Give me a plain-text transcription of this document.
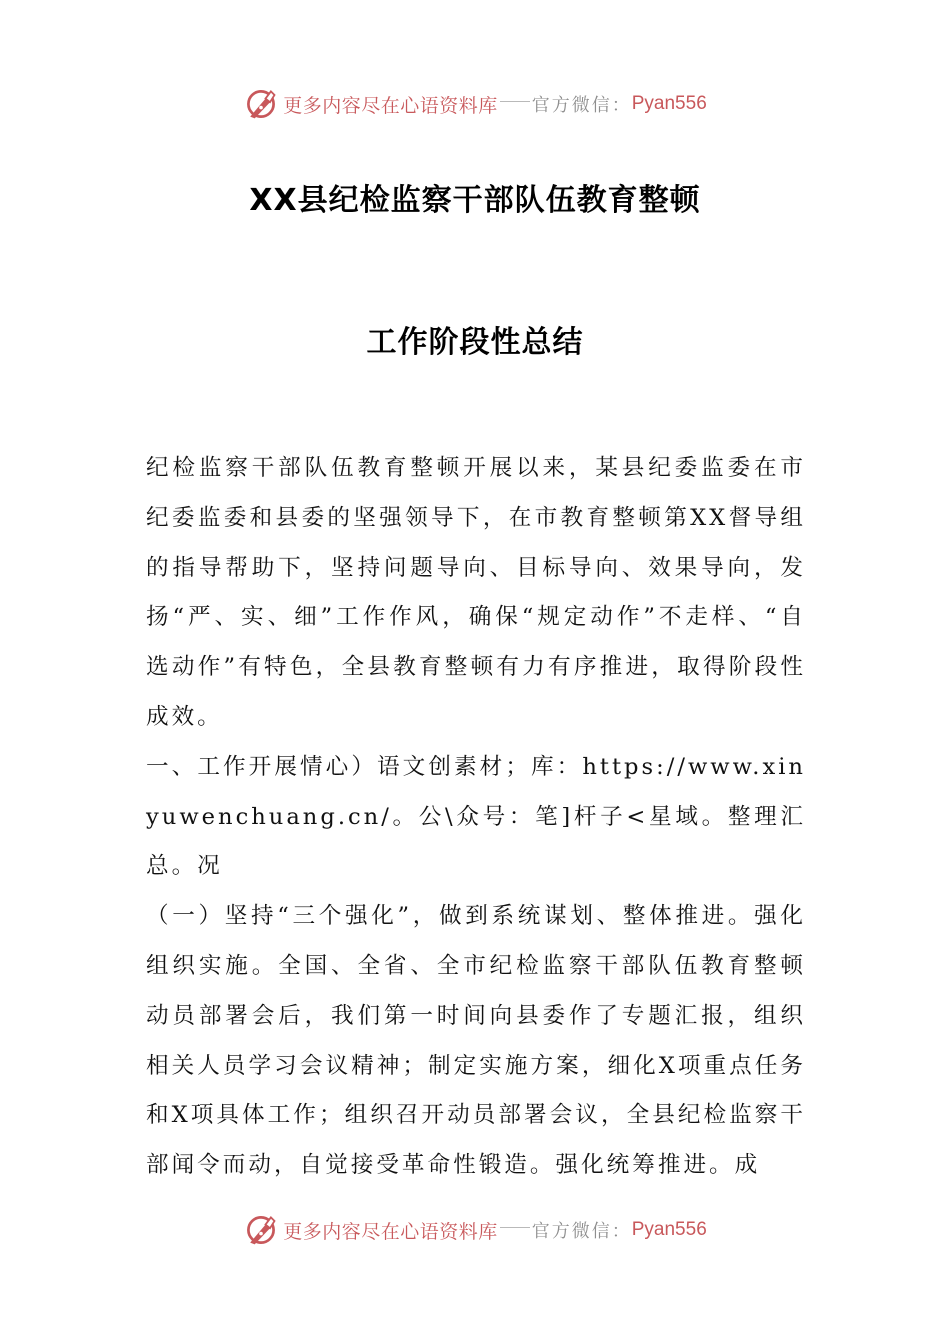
更多内容尽在心语资料库 官方微信： Pyan556
XX县纪检监察干部队伍教育整顿
工作阶段性总结

纪检监察干部队伍教育整顿开展以来，某县纪委监委在市纪委监委和县委的坚强领导下，在市教育整顿第XX督导组的指导帮助下，坚持问题导向、目标导向、效果导向，发扬“严、实、细”工作作风，确保“规定动作”不走样、“自选动作”有特色，全县教育整顿有力有序推进，取得阶段性成效。

一、工作开展情心）语文创素材；库：https://www.xinyuwenchuang.cn/。公\众号：笔]杆子<星域。整理汇总。况

（一）坚持“三个强化”，做到系统谋划、整体推进。强化组织实施。全国、全省、全市纪检监察干部队伍教育整顿动员部署会后，我们第一时间向县委作了专题汇报，组织相关人员学习会议精神；制定实施方案，细化X项重点任务和X项具体工作；组织召开动员部署会议，全县纪检监察干部闻令而动，自觉接受革命性锻造。强化统筹推进。成

更多内容尽在心语资料库 官方微信： Pyan556
